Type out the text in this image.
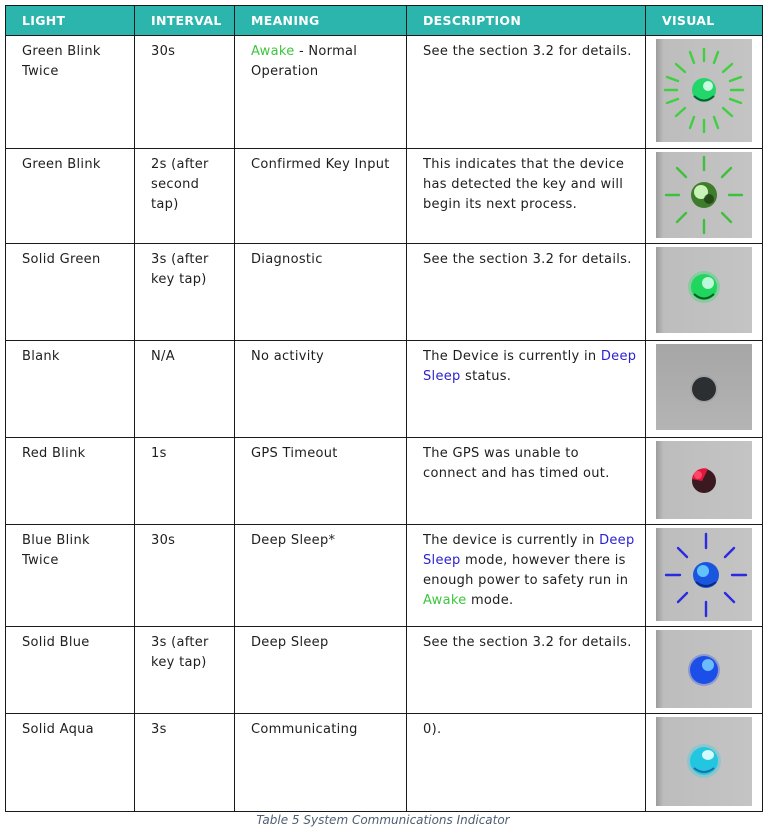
LIGHT	INTERVAL	MEANING	DESCRIPTION	VISUAL
Green Blink Twice	30s	Awake - Normal Operation	See the section 3.2 for details.	

Green Blink	2s (after second tap)	Confirmed Key Input	This indicates that the device has detected the key and will begin its next process.	

Solid Green	3s (after key tap)	Diagnostic	See the section 3.2 for details.	

Blank	N/A	No activity	The Device is currently in Deep Sleep status.	

Red Blink	1s	GPS Timeout	The GPS was unable to connect and has timed out.	

Blue Blink Twice	30s	Deep Sleep*	The device is currently in Deep Sleep mode, however there is enough power to safety run in Awake mode.	

Solid Blue	3s (after key tap)	Deep Sleep	See the section 3.2 for details.	

Solid Aqua	3s	Communicating	0).	
Table 5 System Communications Indicator
